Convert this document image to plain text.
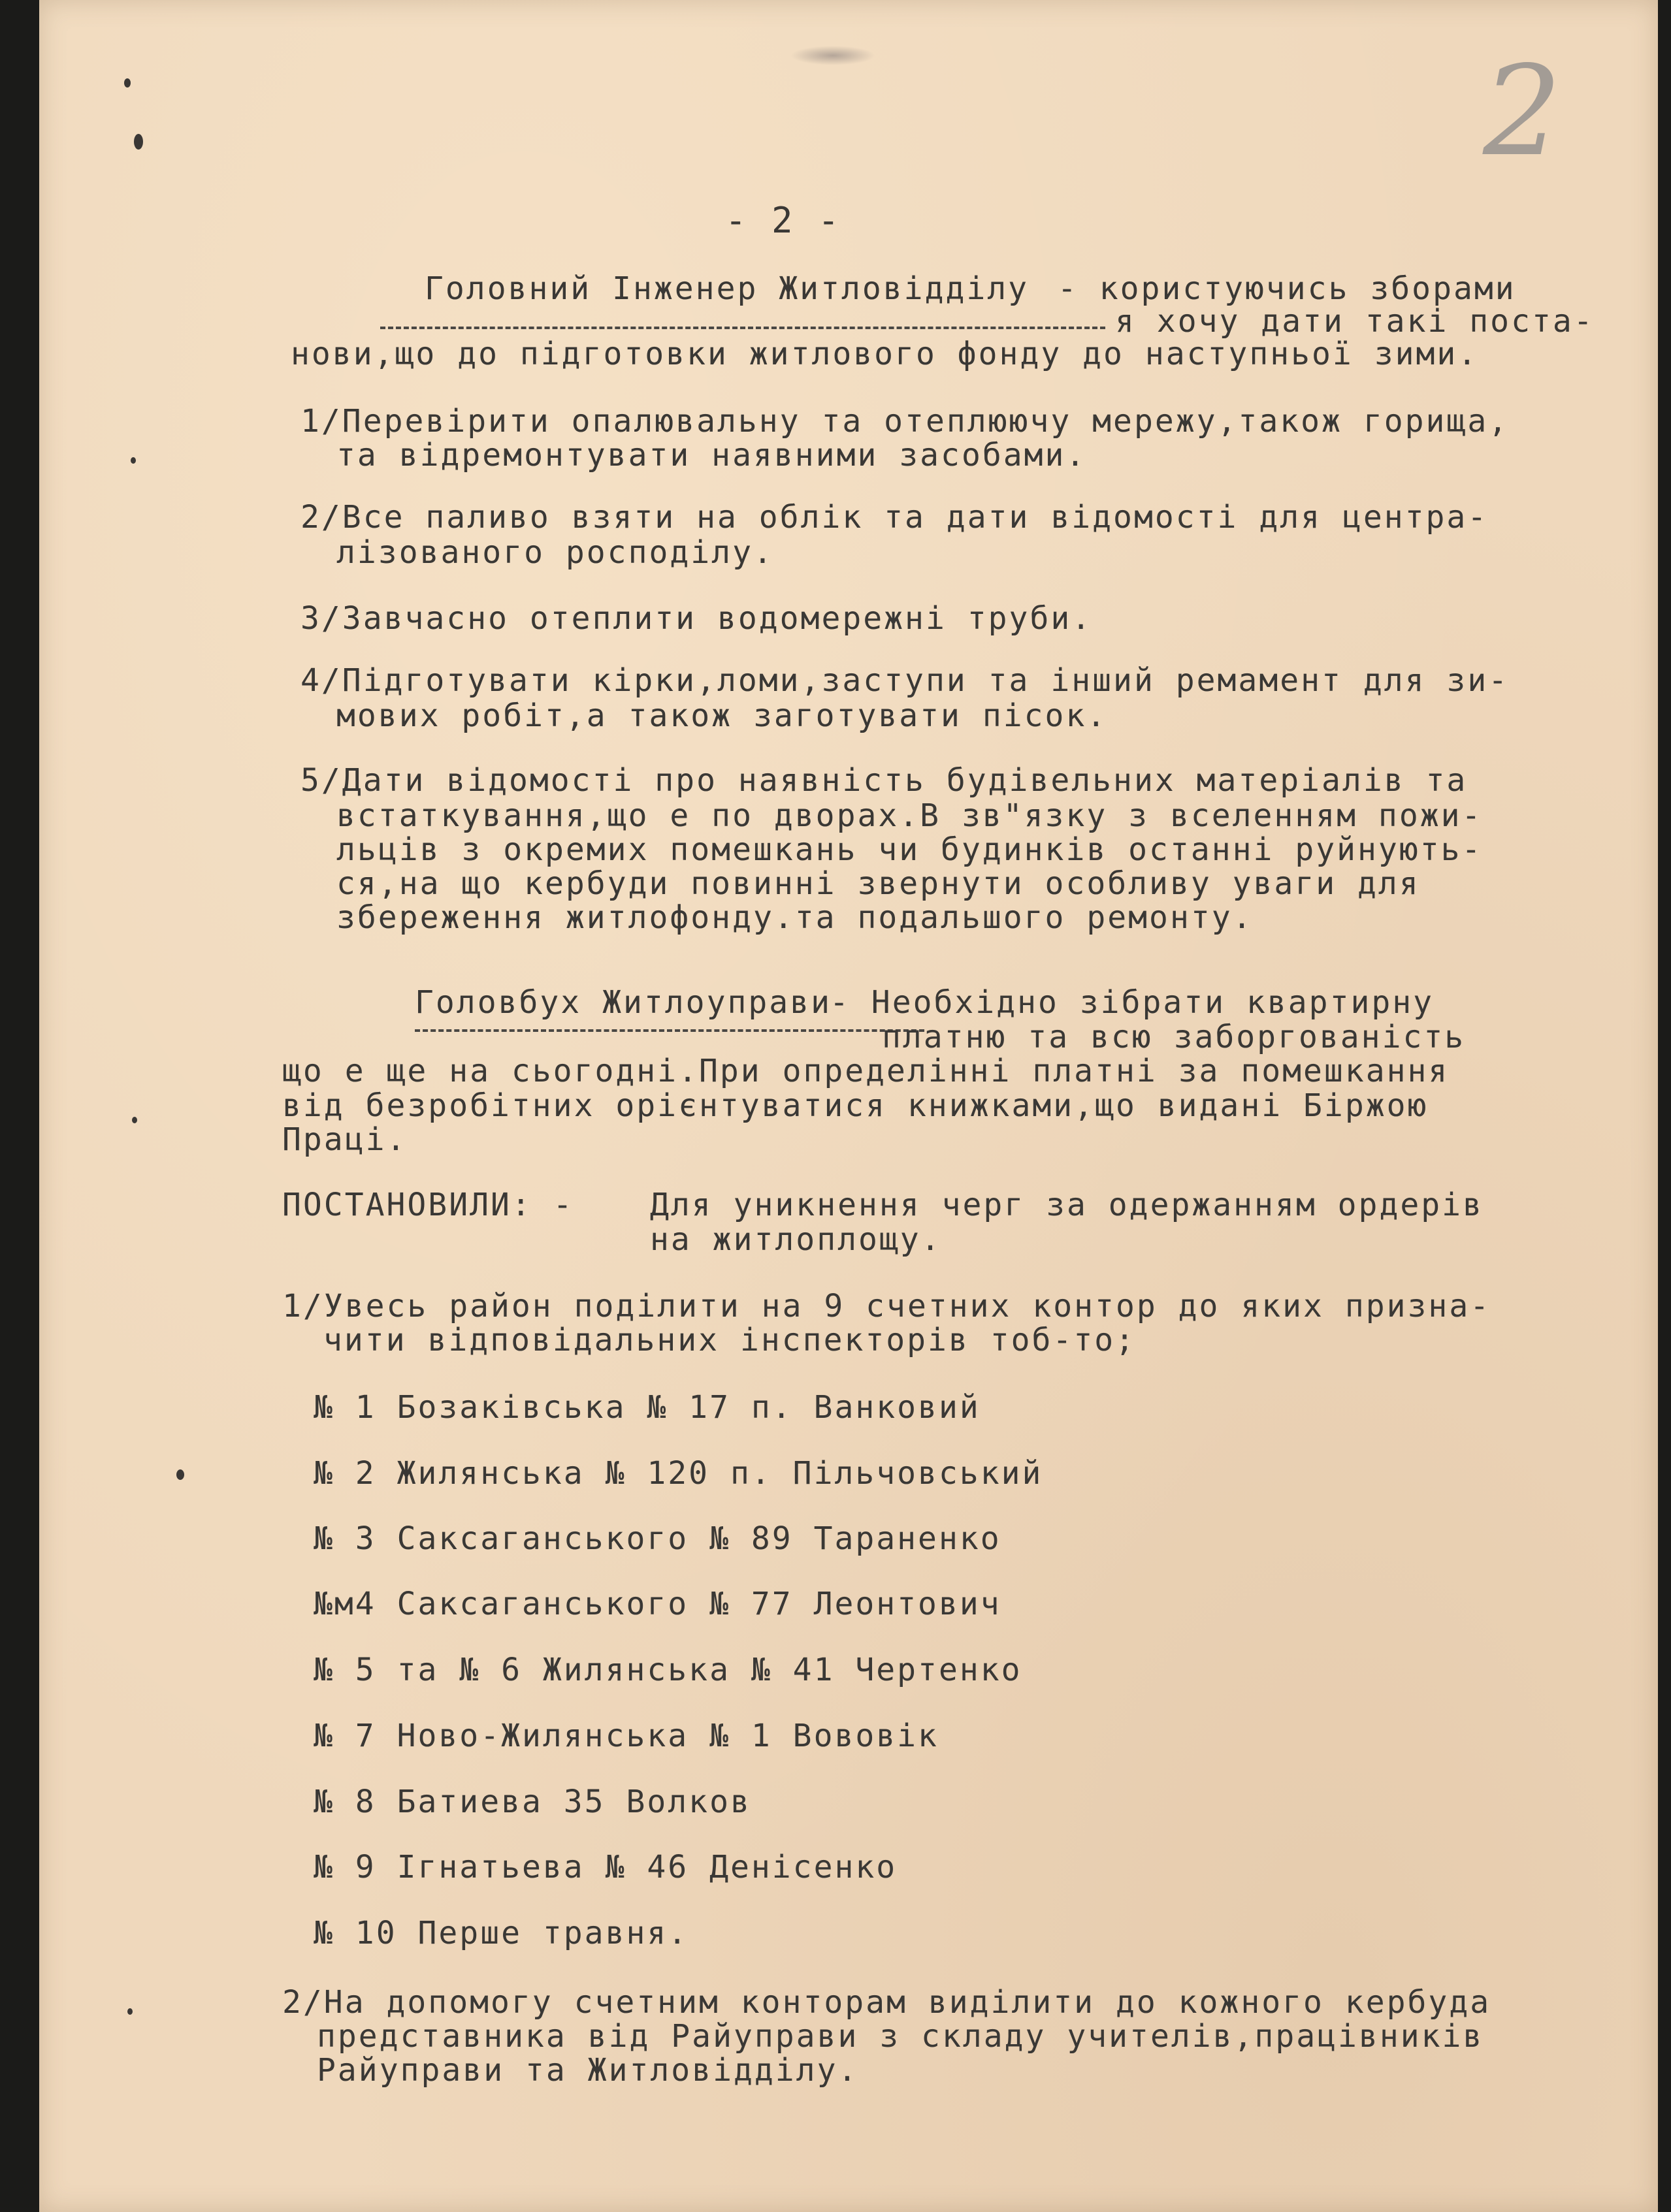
2
- 2 -
Головний Інженер Житловідділу - користуючись зборами
я хочу дати такі поста-
нови,що до підготовки житлового фонду до наступньої зими.
1/Перевірити опалювальну та отеплюючу мережу,також горища,
та відремонтувати наявними засобами.
2/Все паливо взяти на облік та дати відомості для центра-
лізованого росподілу.
3/Завчасно отеплити водомережні труби.
4/Підготувати кірки,ломи,заступи та інший ремамент для зи-
мових робіт,а також заготувати пісок.
5/Дати відомості про наявність будівельних матеріалів та
встаткування,що е по дворах.В зв"язку з вселенням пожи-
льців з окремих помешкань чи будинків останні руйнують-
ся,на що кербуди повинні звернути особливу уваги для
збереження житлофонду.та подальшого ремонту.
Головбух Житлоуправи
- Необхідно зібрати квартирну
платню та всю заборгованість
що е ще на сьогодні.При определінні платні за помешкання
від безробітних орієнтуватися книжками,що видані Біржою
Праці.
ПОСТАНОВИЛИ: - Для уникнення черг за одержанням ордерів
на житлоплощу.
1/Увесь район поділити на 9 счетних контор до яких призна-
чити відповідальних інспекторів тоб-то;
№ 1 Бозаківська № 17 п. Ванковий
№ 2 Жилянська № 120 п. Пільчовський
№ 3 Саксаганського № 89 Тараненко
№м4 Саксаганського № 77 Леонтович
№ 5 та № 6 Жилянська № 41 Чертенко
№ 7 Ново-Жилянська № 1 Вововік
№ 8 Батиева 35 Волков
№ 9 Ігнатьева № 46 Денісенко
№ 10 Перше травня.
2/На допомогу счетним конторам виділити до кожного кербуда
представника від Райуправи з складу учителів,працівників
Райуправи та Житловідділу.
